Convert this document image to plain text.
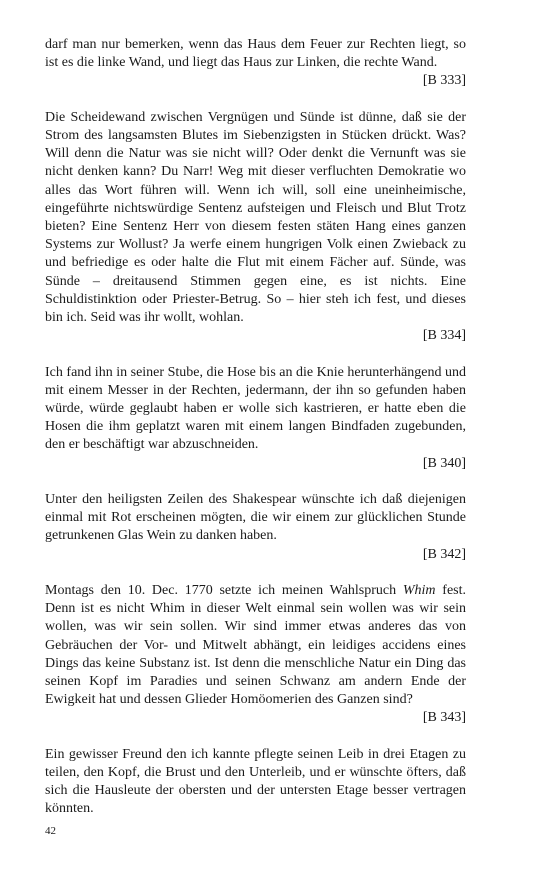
darf man nur bemerken, wenn das Haus dem Feuer zur Rechten liegt, so ist es die linke Wand, und liegt das Haus zur Linken, die rechte Wand.

[B 333]

Die Scheidewand zwischen Vergnügen und Sünde ist dünne, daß sie der Strom des langsamsten Blutes im Siebenzigsten in Stücken drückt. Was? Will denn die Natur was sie nicht will? Oder denkt die Vernunft was sie nicht denken kann? Du Narr! Weg mit dieser verfluchten Demokratie wo alles das Wort führen will. Wenn ich will, soll eine uneinheimische, eingeführte nichtswürdige Sentenz aufsteigen und Fleisch und Blut Trotz bieten? Eine Sentenz Herr von diesem festen stäten Hang eines ganzen Systems zur Wollust? Ja werfe einem hungrigen Volk einen Zwieback zu und befriedige es oder halte die Flut mit einem Fächer auf. Sünde, was Sünde – dreitausend Stimmen gegen eine, es ist nichts. Eine Schuldistinktion oder Priester-Betrug. So – hier steh ich fest, und dieses bin ich. Seid was ihr wollt, wohlan.

[B 334]

Ich fand ihn in seiner Stube, die Hose bis an die Knie herunterhängend und mit einem Messer in der Rechten, jedermann, der ihn so gefunden haben würde, würde geglaubt haben er wolle sich kastrieren, er hatte eben die Hosen die ihm geplatzt waren mit einem langen Bindfaden zugebunden, den er beschäftigt war abzuschneiden.

[B 340]

Unter den heiligsten Zeilen des Shakespear wünschte ich daß diejenigen einmal mit Rot erscheinen mögten, die wir einem zur glücklichen Stunde getrunkenen Glas Wein zu danken haben.

[B 342]

Montags den 10. Dec. 1770 setzte ich meinen Wahlspruch Whim fest. Denn ist es nicht Whim in dieser Welt einmal sein wollen was wir sein wollen, was wir sein sollen. Wir sind immer etwas anderes das von Gebräuchen der Vor- und Mitwelt abhängt, ein leidiges accidens eines Dings das keine Substanz ist. Ist denn die menschliche Natur ein Ding das seinen Kopf im Paradies und seinen Schwanz am andern Ende der Ewigkeit hat und dessen Glieder Homöomerien des Ganzen sind?

[B 343]

Ein gewisser Freund den ich kannte pflegte seinen Leib in drei Etagen zu teilen, den Kopf, die Brust und den Unterleib, und er wünschte öfters, daß sich die Hausleute der obersten und der untersten Etage besser vertragen könnten.

42
